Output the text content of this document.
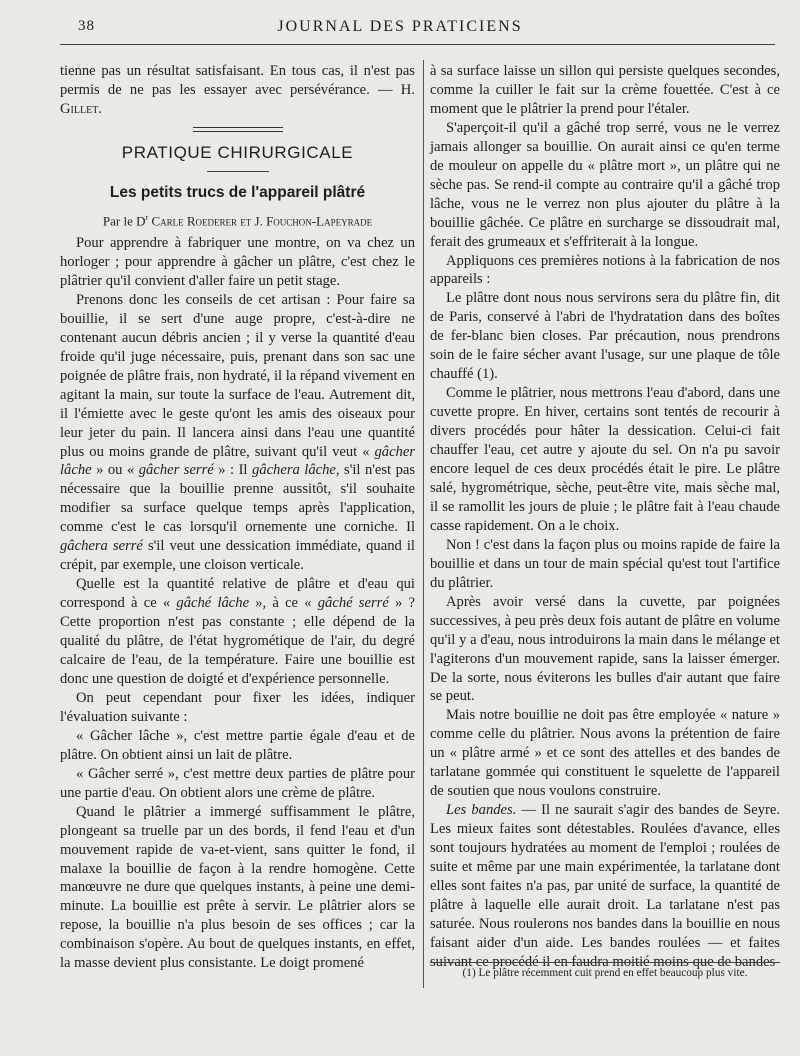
38	JOURNAL DES PRATICIENS

tienne pas un résultat satisfaisant. En tous cas, il n'est pas permis de ne pas les essayer avec persévérance. — H. Gillet.

PRATIQUE CHIRURGICALE
Les petits trucs de l'appareil plâtré
Par le $D^r$ Carle Roederer et J. Fouchon-Lapeyrade

Pour apprendre à fabriquer une montre, on va chez un horloger ; pour apprendre à gâcher un plâtre, c'est chez le plâtrier qu'il convient d'aller faire un petit stage.

Prenons donc les conseils de cet artisan : Pour faire sa bouillie, il se sert d'une auge propre, c'est-à-dire ne contenant aucun débris ancien ; il y verse la quantité d'eau froide qu'il juge nécessaire, puis, prenant dans son sac une poignée de plâtre frais, non hydraté, il la répand vivement en agitant la main, sur toute la surface de l'eau. Autrement dit, il l'émiette avec le geste qu'ont les amis des oiseaux pour leur jeter du pain. Il lancera ainsi dans l'eau une quantité plus ou moins grande de plâtre, suivant qu'il veut « gâcher lâche » ou « gâcher serré » : Il gâchera lâche, s'il n'est pas nécessaire que la bouillie prenne aussitôt, s'il souhaite modifier sa surface quelque temps après l'application, comme c'est le cas lorsqu'il ornemente une corniche. Il gâchera serré s'il veut une dessication immédiate, quand il crépit, par exemple, une cloison verticale.

Quelle est la quantité relative de plâtre et d'eau qui correspond à ce « gâché lâche », à ce « gâché serré » ? Cette proportion n'est pas constante ; elle dépend de la qualité du plâtre, de l'état hygrométique de l'air, du degré calcaire de l'eau, de la température. Faire une bouillie est donc une question de doigté et d'expérience personnelle.

On peut cependant pour fixer les idées, indiquer l'évaluation suivante :

« Gâcher lâche », c'est mettre partie égale d'eau et de plâtre. On obtient ainsi un lait de plâtre.

« Gâcher serré », c'est mettre deux parties de plâtre pour une partie d'eau. On obtient alors une crème de plâtre.

Quand le plâtrier a immergé suffisamment le plâtre, plongeant sa truelle par un des bords, il fend l'eau et d'un mouvement rapide de va-et-vient, sans quitter le fond, il malaxe la bouillie de façon à la rendre homogène. Cette manœuvre ne dure que quelques instants, à peine une demi-minute. La bouillie est prête à servir. Le plâtrier alors se repose, la bouillie n'a plus besoin de ses offices ; car la combinaison s'opère. Au bout de quelques instants, en effet, la masse devient plus consistante. Le doigt promené

à sa surface laisse un sillon qui persiste quelques secondes, comme la cuiller le fait sur la crème fouettée. C'est à ce moment que le plâtrier la prend pour l'étaler.

S'aperçoit-il qu'il a gâché trop serré, vous ne le verrez jamais allonger sa bouillie. On aurait ainsi ce qu'en terme de mouleur on appelle du « plâtre mort », un plâtre qui ne sèche pas. Se rend-il compte au contraire qu'il a gâché trop lâche, vous ne le verrez non plus ajouter du plâtre à la bouillie gâchée. Ce plâtre en surcharge se dissoudrait mal, ferait des grumeaux et s'effriterait à la longue.

Appliquons ces premières notions à la fabrication de nos appareils :

Le plâtre dont nous nous servirons sera du plâtre fin, dit de Paris, conservé à l'abri de l'hydratation dans des boîtes de fer-blanc bien closes. Par précaution, nous prendrons soin de le faire sécher avant l'usage, sur une plaque de tôle chauffé (1).

Comme le plâtrier, nous mettrons l'eau d'abord, dans une cuvette propre. En hiver, certains sont tentés de recourir à divers procédés pour hâter la dessication. Celui-ci fait chauffer l'eau, cet autre y ajoute du sel. On n'a pu savoir encore lequel de ces deux procédés était le pire. Le plâtre salé, hygrométrique, sèche, peut-être vite, mais sèche mal, il se ramollit les jours de pluie ; le plâtre fait à l'eau chaude casse rapidement. On a le choix.

Non ! c'est dans la façon plus ou moins rapide de faire la bouillie et dans un tour de main spécial qu'est tout l'artifice du plâtrier.

Après avoir versé dans la cuvette, par poignées successives, à peu près deux fois autant de plâtre en volume qu'il y a d'eau, nous introduirons la main dans le mélange et l'agiterons d'un mouvement rapide, sans la laisser émerger. De la sorte, nous éviterons les bulles d'air autant que faire se peut.

Mais notre bouillie ne doit pas être employée « nature » comme celle du plâtrier. Nous avons la prétention de faire un « plâtre armé » et ce sont des attelles et des bandes de tarlatane gommée qui constituent le squelette de l'appareil de soutien que nous voulons construire.

Les bandes. — Il ne saurait s'agir des bandes de Seyre. Les mieux faites sont détestables. Roulées d'avance, elles sont toujours hydratées au moment de l'emploi ; roulées de suite et même par une main expérimentée, la tarlatane dont elles sont faites n'a pas, par unité de surface, la quantité de plâtre à laquelle elle aurait droit. La tarlatane n'est pas saturée. Nous roulerons nos bandes dans la bouillie en nous faisant aider d'un aide. Les bandes roulées — et faites suivant ce procédé il en faudra moitié moins que de bandes

(1) Le plâtre récemment cuit prend en effet beaucoup plus vite.
